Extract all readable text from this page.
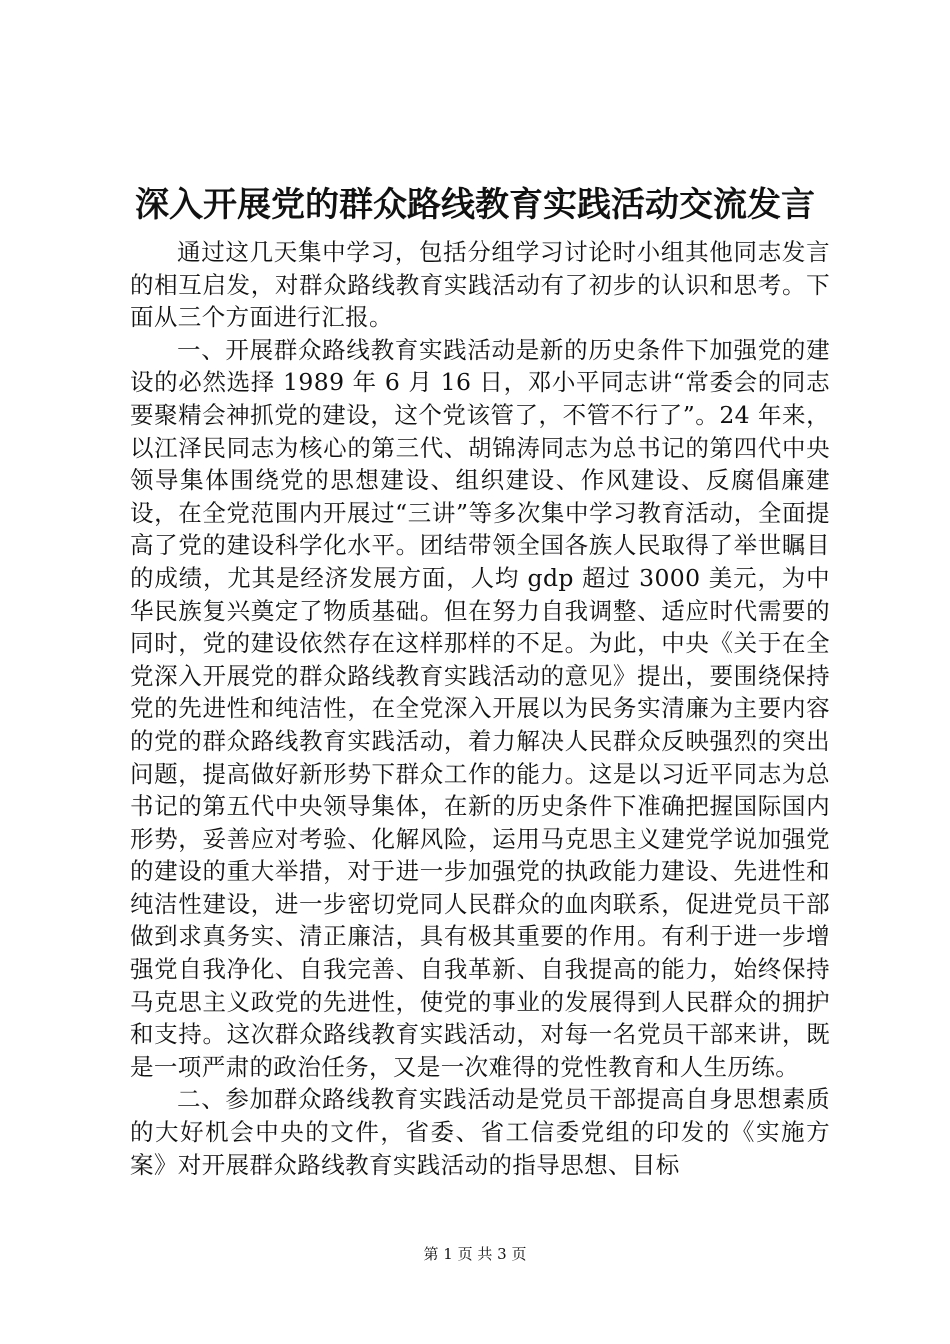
深入开展党的群众路线教育实践活动交流发言

通过这几天集中学习，包括分组学习讨论时小组其他同志发言的相互启发，对群众路线教育实践活动有了初步的认识和思考。下面从三个方面进行汇报。

一、开展群众路线教育实践活动是新的历史条件下加强党的建设的必然选择 1989 年 6 月 16 日，邓小平同志讲“常委会的同志要聚精会神抓党的建设，这个党该管了，不管不行了”。24 年来，以江泽民同志为核心的第三代、胡锦涛同志为总书记的第四代中央领导集体围绕党的思想建设、组织建设、作风建设、反腐倡廉建设，在全党范围内开展过“三讲”等多次集中学习教育活动，全面提高了党的建设科学化水平。团结带领全国各族人民取得了举世瞩目的成绩，尤其是经济发展方面，人均 gdp 超过 3000 美元，为中华民族复兴奠定了物质基础。但在努力自我调整、适应时代需要的同时，党的建设依然存在这样那样的不足。为此，中央《关于在全党深入开展党的群众路线教育实践活动的意见》提出，要围绕保持党的先进性和纯洁性，在全党深入开展以为民务实清廉为主要内容的党的群众路线教育实践活动，着力解决人民群众反映强烈的突出问题，提高做好新形势下群众工作的能力。这是以习近平同志为总书记的第五代中央领导集体，在新的历史条件下准确把握国际国内形势，妥善应对考验、化解风险，运用马克思主义建党学说加强党的建设的重大举措，对于进一步加强党的执政能力建设、先进性和纯洁性建设，进一步密切党同人民群众的血肉联系，促进党员干部做到求真务实、清正廉洁，具有极其重要的作用。有利于进一步增强党自我净化、自我完善、自我革新、自我提高的能力，始终保持马克思主义政党的先进性，使党的事业的发展得到人民群众的拥护和支持。这次群众路线教育实践活动，对每一名党员干部来讲，既是一项严肃的政治任务，又是一次难得的党性教育和人生历练。

二、参加群众路线教育实践活动是党员干部提高自身思想素质的大好机会中央的文件，省委、省工信委党组的印发的《实施方案》对开展群众路线教育实践活动的指导思想、目标

第 1 页 共 3 页
